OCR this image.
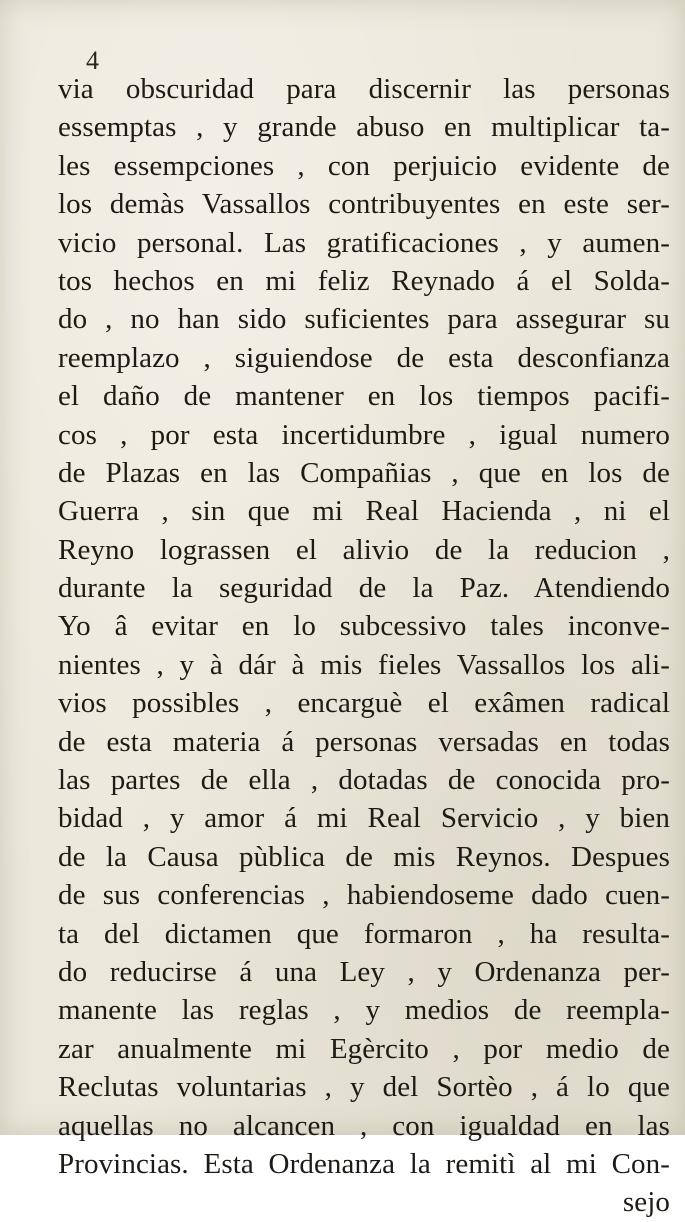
4
via obscuridad para discernir las personas
essemptas , y grande abuso en multiplicar ta-
les essempciones , con perjuicio evidente de
los demàs Vassallos contribuyentes en este ser-
vicio personal. Las gratificaciones , y aumen-
tos hechos en mi feliz Reynado á el Solda-
do , no han sido suficientes para assegurar su
reemplazo , siguiendose de esta desconfianza
el daño de mantener en los tiempos pacifi-
cos , por esta incertidumbre , igual numero
de Plazas en las Compañias , que en los de
Guerra , sin que mi Real Hacienda , ni el
Reyno lograssen el alivio de la reducion ,
durante la seguridad de la Paz. Atendiendo
Yo â evitar en lo subcessivo tales inconve-
nientes , y à dár à mis fieles Vassallos los ali-
vios possibles , encarguè el exâmen radical
de esta materia á personas versadas en todas
las partes de ella , dotadas de conocida pro-
bidad , y amor á mi Real Servicio , y bien
de la Causa pùblica de mis Reynos. Despues
de sus conferencias , habiendoseme dado cuen-
ta del dictamen que formaron , ha resulta-
do reducirse á una Ley , y Ordenanza per-
manente las reglas , y medios de reempla-
zar anualmente mi Egèrcito , por medio de
Reclutas voluntarias , y del Sortèo , á lo que
aquellas no alcancen , con igualdad en las
Provincias. Esta Ordenanza la remitì al mi Con-
sejo
